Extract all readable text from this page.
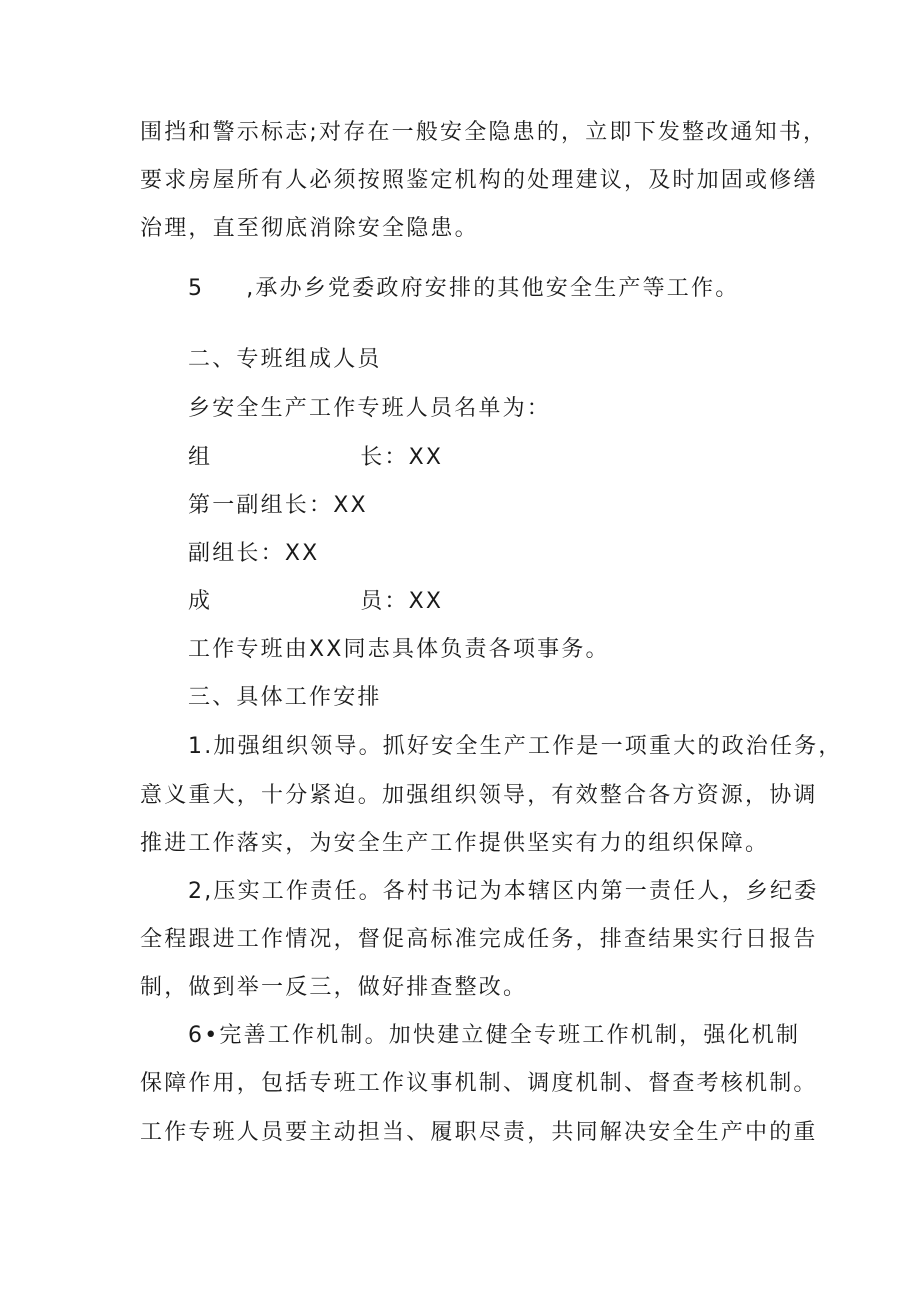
围挡和警示标志;对存在一般安全隐患的，立即下发整改通知书，
要求房屋所有人必须按照鉴定机构的处理建议，及时加固或修缮
治理，直至彻底消除安全隐患。
5 ,承办乡党委政府安排的其他安全生产等工作。
二、专班组成人员
乡安全生产工作专班人员名单为：
组	长：XX
第一副组长：XX
副组长：XX
成	员：XX
工作专班由XX同志具体负责各项事务。
三、具体工作安排
1.加强组织领导。抓好安全生产工作是一项重大的政治任务，
意义重大，十分紧迫。加强组织领导，有效整合各方资源，协调
推进工作落实，为安全生产工作提供坚实有力的组织保障。
2,压实工作责任。各村书记为本辖区内第一责任人，乡纪委
全程跟进工作情况，督促高标准完成任务，排查结果实行日报告
制，做到举一反三，做好排查整改。
6•完善工作机制。加快建立健全专班工作机制，强化机制
保障作用，包括专班工作议事机制、调度机制、督查考核机制。
工作专班人员要主动担当、履职尽责，共同解决安全生产中的重
